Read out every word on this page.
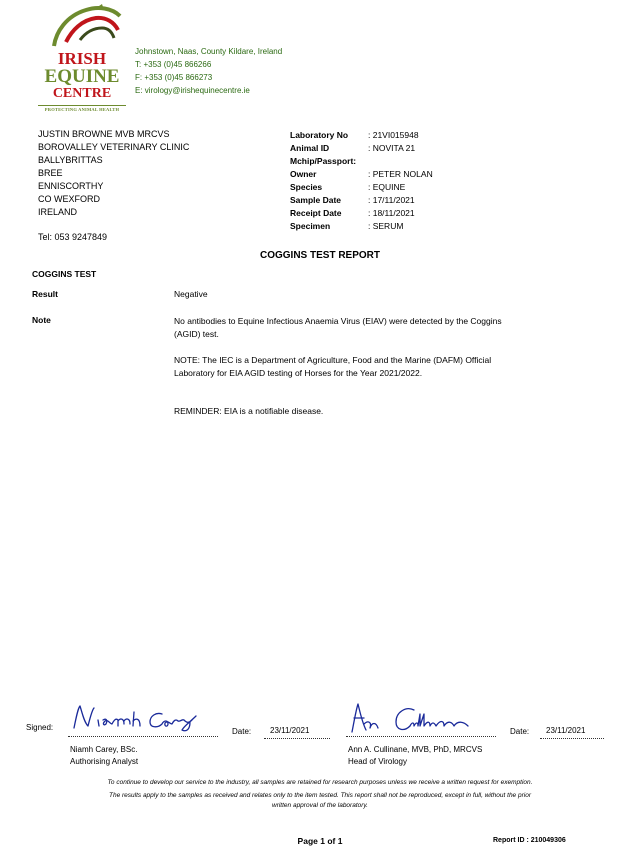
IRISH
EQUINE
CENTRE
PROTECTING ANIMAL HEALTH
Johnstown, Naas, County Kildare, Ireland
T: +353 (0)45 866266
F: +353 (0)45 866273
E: virology@irishequinecentre.ie
JUSTIN BROWNE MVB MRCVS
BOROVALLEY VETERINARY CLINIC
BALLYBRITTAS
BREE
ENNISCORTHY
CO WEXFORD
IRELAND
Tel: 053 9247849
Laboratory No	: 21VI015948
Animal ID	: NOVITA 21
Mchip/Passport:
Owner	: PETER NOLAN
Species	: EQUINE
Sample Date	: 17/11/2021
Receipt Date	: 18/11/2021
Specimen	: SERUM
COGGINS TEST REPORT
COGGINS TEST
Result	Negative
Note	No antibodies to Equine Infectious Anaemia Virus (EIAV) were detected by the Coggins (AGID) test.
NOTE: The IEC is a Department of Agriculture, Food and the Marine (DAFM) Official Laboratory for EIA AGID testing of Horses for the Year 2021/2022.
REMINDER: EIA is a notifiable disease.
Signed:	Date: 23/11/2021	Date: 23/11/2021
Niamh Carey, BSc.
Authorising Analyst
Ann A. Cullinane, MVB, PhD, MRCVS
Head of Virology
To continue to develop our service to the industry, all samples are retained for research purposes unless we receive a written request for exemption.
The results apply to the samples as received and relates only to the item tested. This report shall not be reproduced, except in full, without the prior
written approval of the laboratory.
Page 1 of 1	Report ID : 210049306
